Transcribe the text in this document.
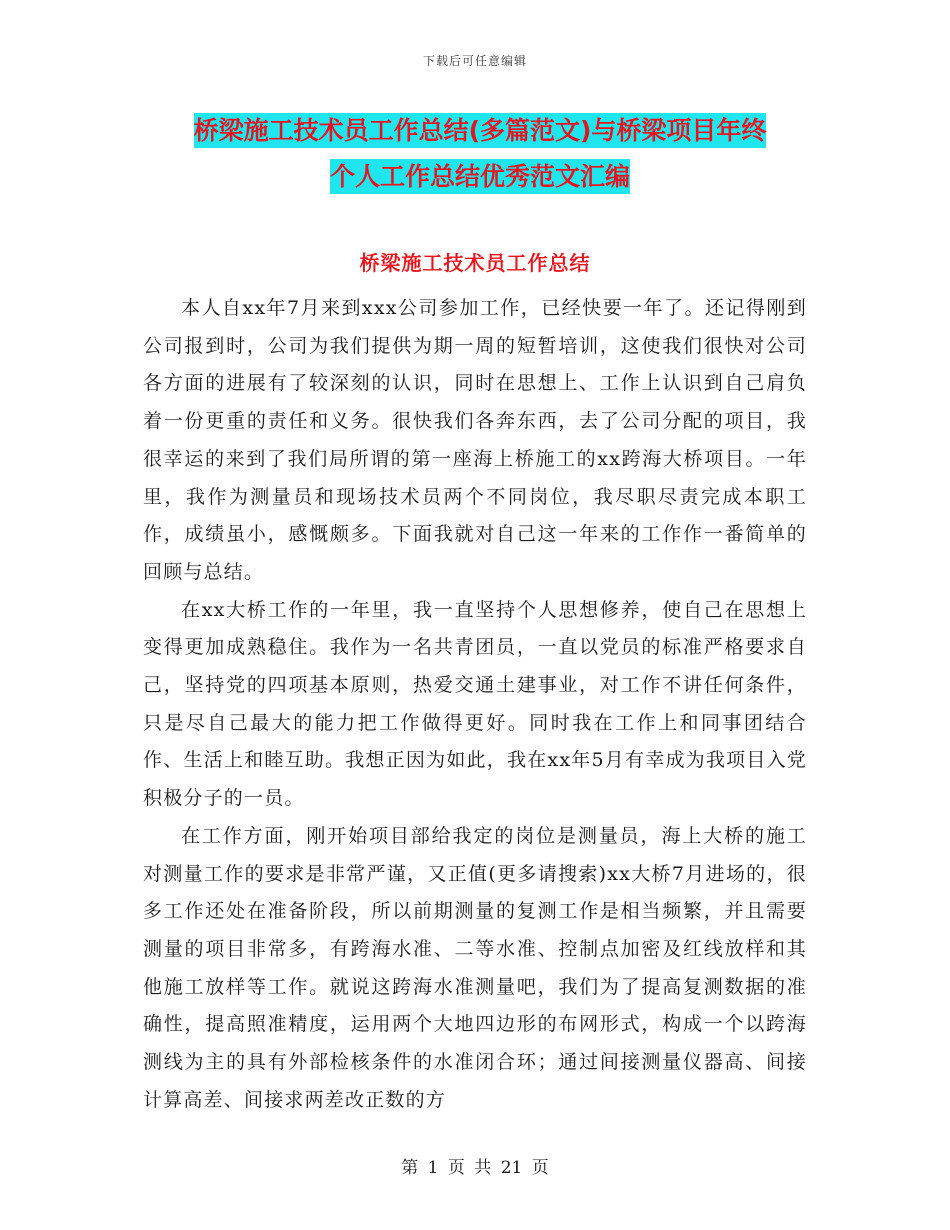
下载后可任意编辑
桥梁施工技术员工作总结(多篇范文)与桥梁项目年终
个人工作总结优秀范文汇编
桥梁施工技术员工作总结

本人自xx年7月来到xxx公司参加工作，已经快要一年了。还记得刚到公司报到时，公司为我们提供为期一周的短暂培训，这使我们很快对公司各方面的进展有了较深刻的认识，同时在思想上、工作上认识到自己肩负着一份更重的责任和义务。很快我们各奔东西，去了公司分配的项目，我很幸运的来到了我们局所谓的第一座海上桥施工的xx跨海大桥项目。一年里，我作为测量员和现场技术员两个不同岗位，我尽职尽责完成本职工作，成绩虽小，感慨颇多。下面我就对自己这一年来的工作作一番简单的回顾与总结。

在xx大桥工作的一年里，我一直坚持个人思想修养，使自己在思想上变得更加成熟稳住。我作为一名共青团员，一直以党员的标准严格要求自己，坚持党的四项基本原则，热爱交通土建事业，对工作不讲任何条件，只是尽自己最大的能力把工作做得更好。同时我在工作上和同事团结合作、生活上和睦互助。我想正因为如此，我在xx年5月有幸成为我项目入党积极分子的一员。

在工作方面，刚开始项目部给我定的岗位是测量员，海上大桥的施工对测量工作的要求是非常严谨，又正值(更多请搜索)xx大桥7月进场的，很多工作还处在准备阶段，所以前期测量的复测工作是相当频繁，并且需要测量的项目非常多，有跨海水准、二等水准、控制点加密及红线放样和其他施工放样等工作。就说这跨海水准测量吧，我们为了提高复测数据的准确性，提高照准精度，运用两个大地四边形的布网形式，构成一个以跨海测线为主的具有外部检核条件的水准闭合环；通过间接测量仪器高、间接计算高差、间接求两差改正数的方

第 1 页 共 21 页
